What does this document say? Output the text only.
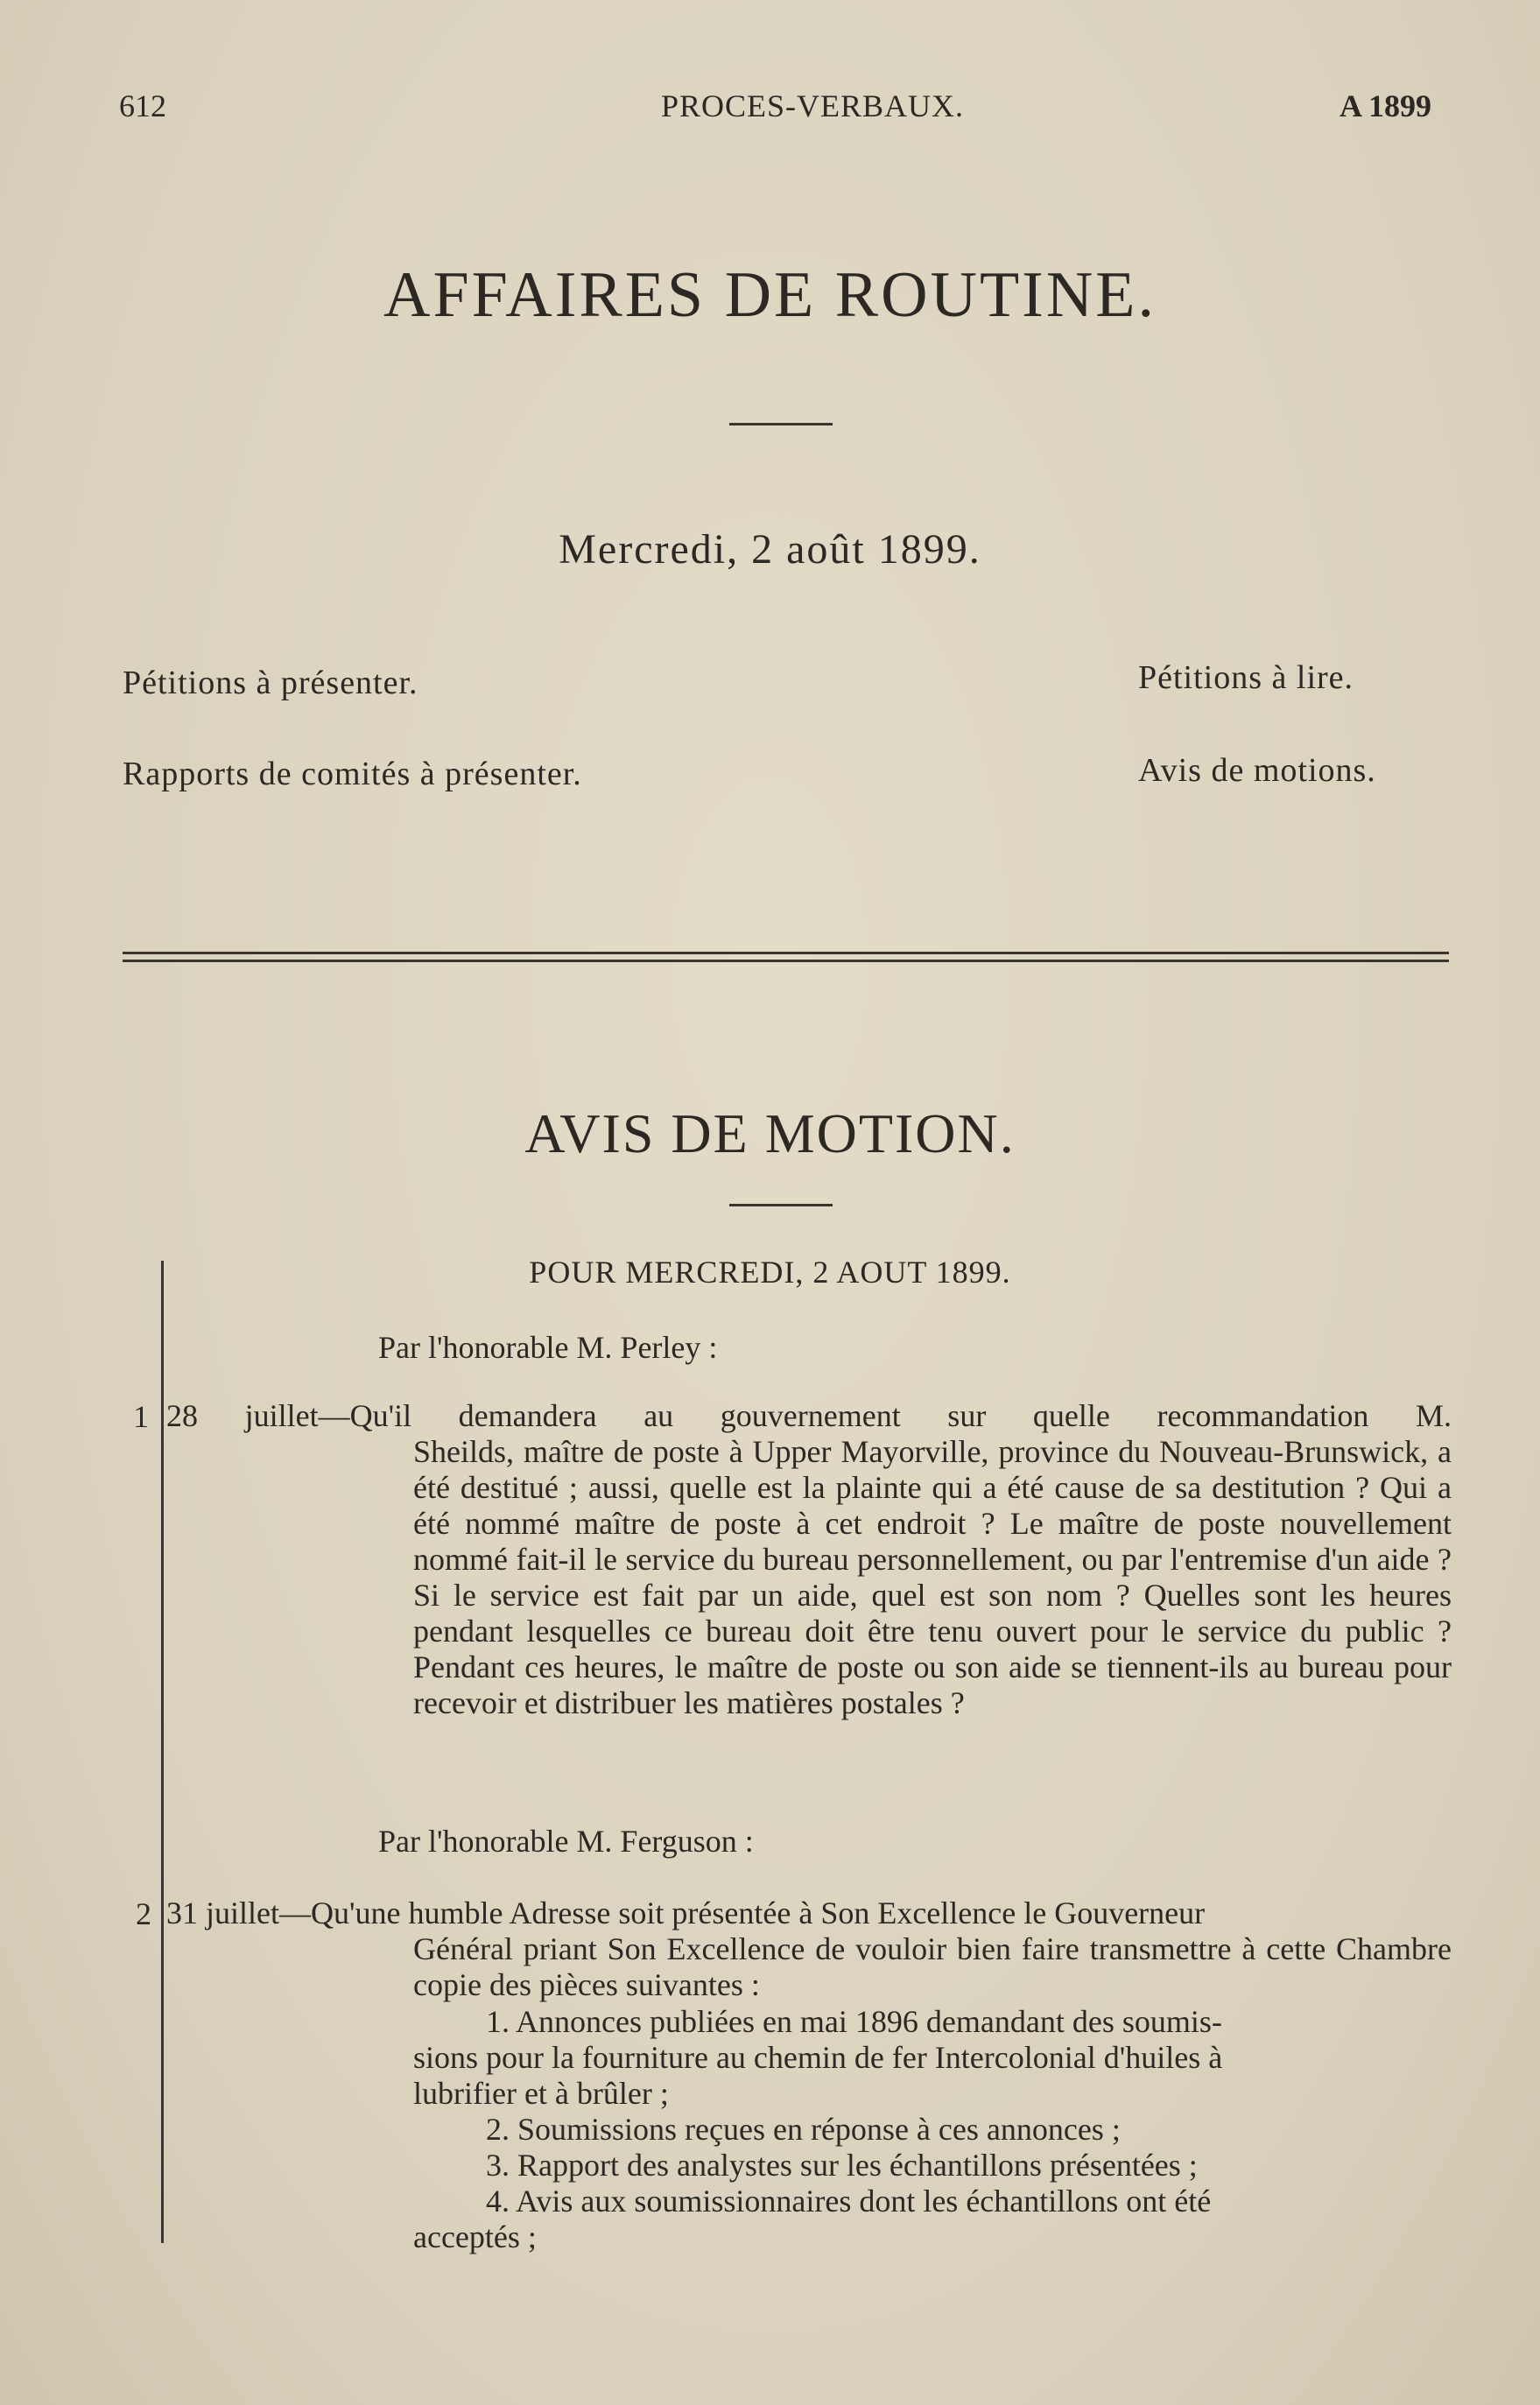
612	PROCES-VERBAUX.	A 1899
AFFAIRES DE ROUTINE.
Mercredi, 2 août 1899.
Pétitions à présenter.	Pétitions à lire.
Rapports de comités à présenter.	Avis de motions.
AVIS DE MOTION.
POUR MERCREDI, 2 AOUT 1899.
Par l'honorable M. Perley :
1 28 juillet—Qu'il demandera au gouvernement sur quelle recommandation M.
Sheilds, maître de poste à Upper Mayorville, province du Nouveau-Brunswick, a été destitué ; aussi, quelle est la plainte qui a été cause de sa destitution ? Qui a été nommé maître de poste à cet endroit ? Le maître de poste nouvellement nommé fait-il le service du bureau personnellement, ou par l'entremise d'un aide ? Si le service est fait par un aide, quel est son nom ? Quelles sont les heures pendant lesquelles ce bureau doit être tenu ouvert pour le service du public ? Pendant ces heures, le maître de poste ou son aide se tiennent-ils au bureau pour recevoir et distribuer les matières postales ?
Par l'honorable M. Ferguson :
2 31 juillet—Qu'une humble Adresse soit présentée à Son Excellence le Gouverneur
Général priant Son Excellence de vouloir bien faire transmettre à cette Chambre copie des pièces suivantes :
1. Annonces publiées en mai 1896 demandant des soumis-
sions pour la fourniture au chemin de fer Intercolonial d'huiles à
lubrifier et à brûler ;
2. Soumissions reçues en réponse à ces annonces ;
3. Rapport des analystes sur les échantillons présentées ;
4. Avis aux soumissionnaires dont les échantillons ont été
acceptés ;
